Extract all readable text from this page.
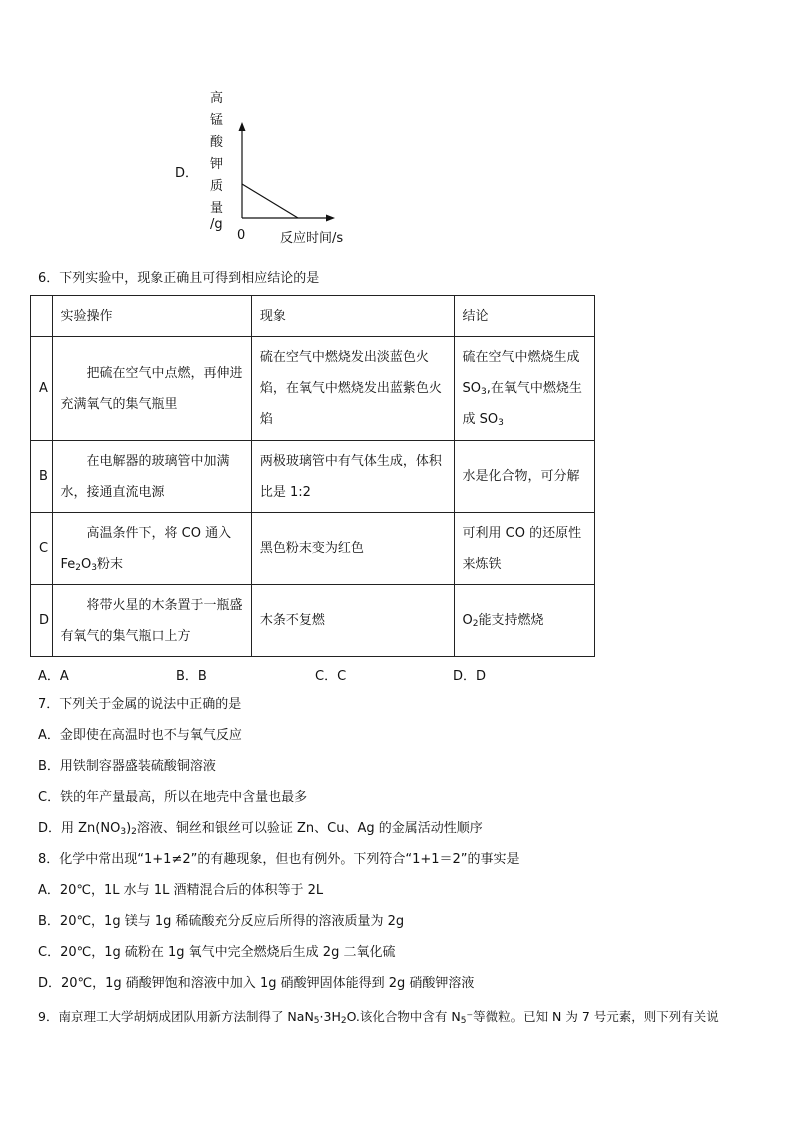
D．
高
锰
酸
钾
质
量
/g
0	反应时间/s
6．下列实验中，现象正确且可得到相应结论的是
	实验操作	现象	结论
A	把硫在空气中点燃，再伸进充满氧气的集气瓶里	硫在空气中燃烧发出淡蓝色火焰，在氧气中燃烧发出蓝紫色火焰	硫在空气中燃烧生成 $SO_3$,在氧气中燃烧生成 $SO_3$
B	在电解器的玻璃管中加满水，接通直流电源	两极玻璃管中有气体生成，体积比是 1:2	水是化合物，可分解
C	高温条件下，将 CO 通入 $Fe_2O_3$粉末	黑色粉末变为红色	可利用 CO 的还原性来炼铁
D	将带火星的木条置于一瓶盛有氧气的集气瓶口上方	木条不复燃	$O_2$能支持燃烧
A．A	B．B	C．C	D．D
7．下列关于金属的说法中正确的是
A．金即使在高温时也不与氧气反应
B．用铁制容器盛装硫酸铜溶液
C．铁的年产量最高，所以在地壳中含量也最多
D．用 $Zn(NO_3)_2$溶液、铜丝和银丝可以验证 Zn、Cu、Ag 的金属活动性顺序
8．化学中常出现“1+1≠2”的有趣现象，但也有例外。下列符合“1+1＝2”的事实是
A．20℃，1L 水与 1L 酒精混合后的体积等于 2L
B．20℃，1g 镁与 1g 稀硫酸充分反应后所得的溶液质量为 2g
C．20℃，1g 硫粉在 1g 氧气中完全燃烧后生成 2g 二氧化硫
D．20℃，1g 硝酸钾饱和溶液中加入 1g 硝酸钾固体能得到 2g 硝酸钾溶液
9．南京理工大学胡炳成团队用新方法制得了 $NaN_5\cdot 3H_2O$.该化合物中含有 $N_5^-$等微粒。已知 N 为 7 号元素，则下列有关说
